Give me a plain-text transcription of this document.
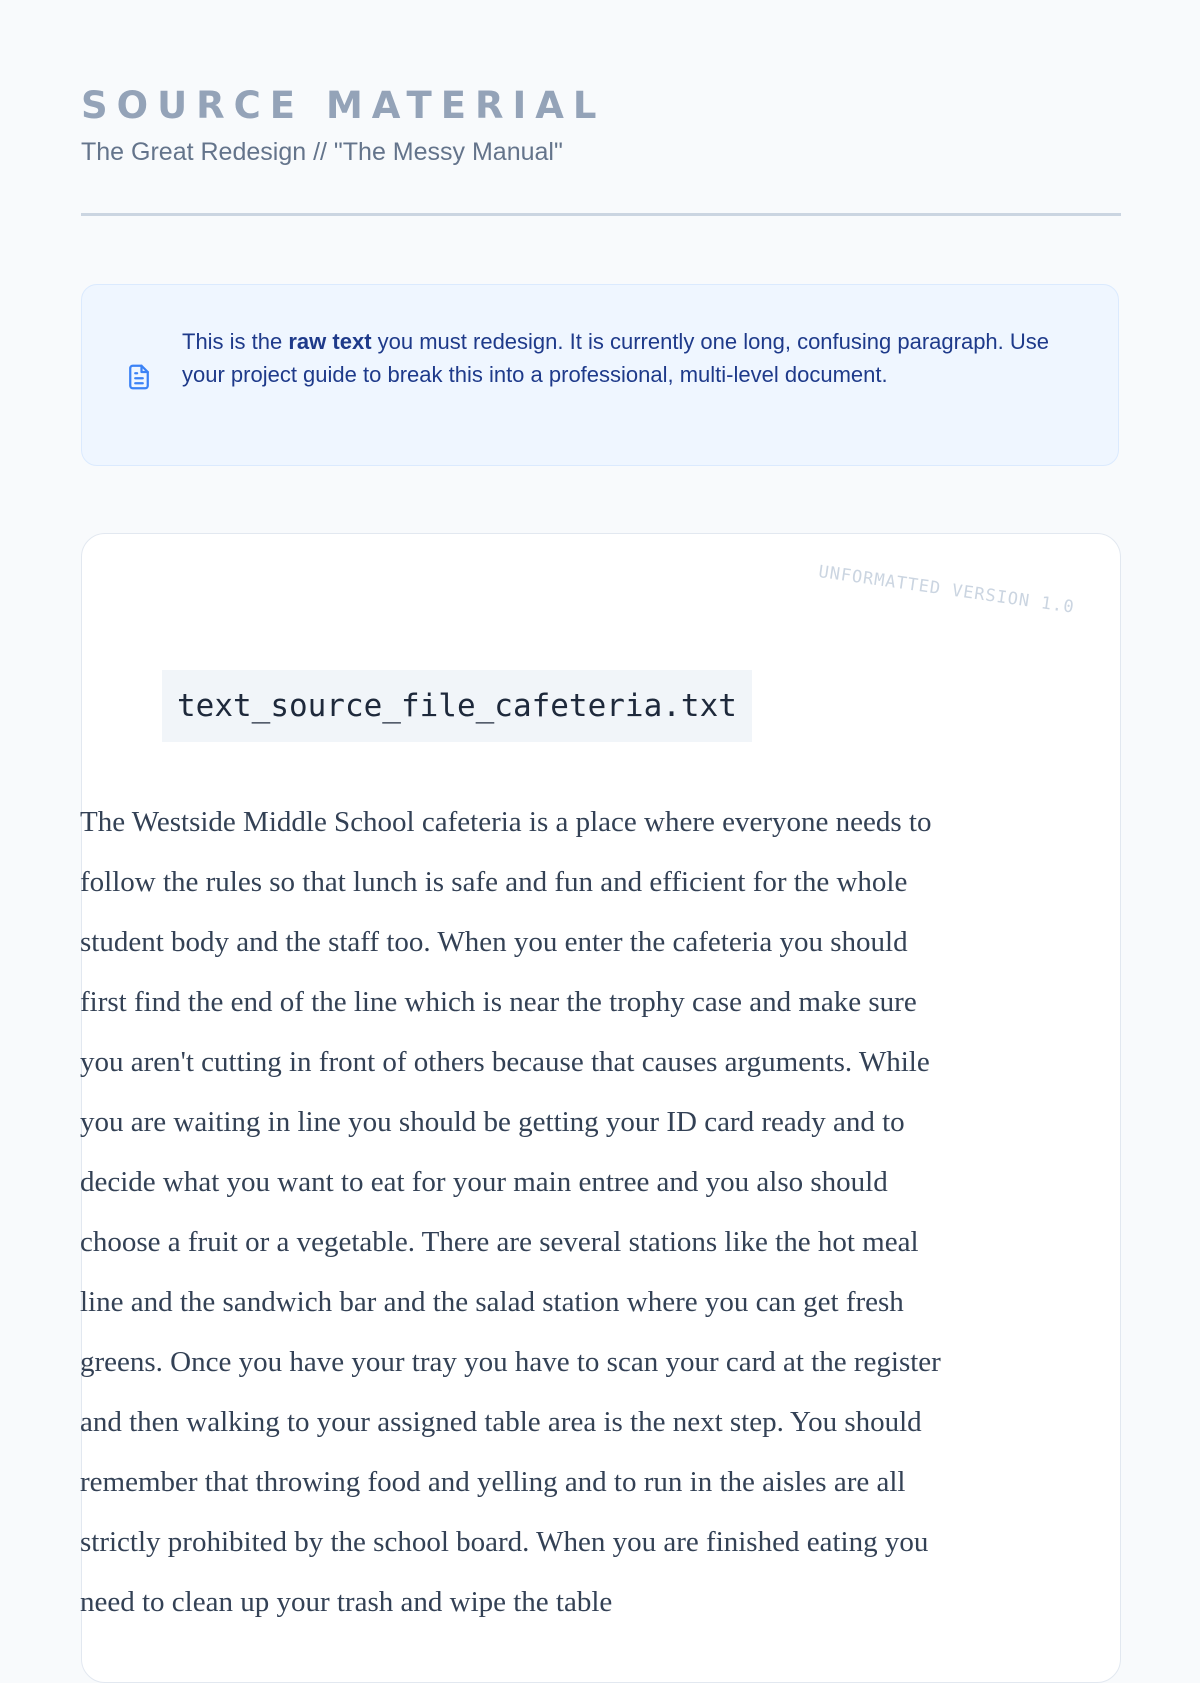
SOURCE MATERIAL
The Great Redesign // "The Messy Manual"
This is the raw text you must redesign. It is currently one long, confusing paragraph. Use your project guide to break this into a professional, multi-level document.
UNFORMATTED VERSION 1.0
text_source_file_cafeteria.txt

The Westside Middle School cafeteria is a place where everyone needs to follow the rules so that lunch is safe and fun and efficient for the whole student body and the staff too. When you enter the cafeteria you should first find the end of the line which is near the trophy case and make sure you aren't cutting in front of others because that causes arguments. While you are waiting in line you should be getting your ID card ready and to decide what you want to eat for your main entree and you also should choose a fruit or a vegetable. There are several stations like the hot meal line and the sandwich bar and the salad station where you can get fresh greens. Once you have your tray you have to scan your card at the register and then walking to your assigned table area is the next step. You should remember that throwing food and yelling and to run in the aisles are all strictly prohibited by the school board. When you are finished eating you need to clean up your trash and wipe the table
